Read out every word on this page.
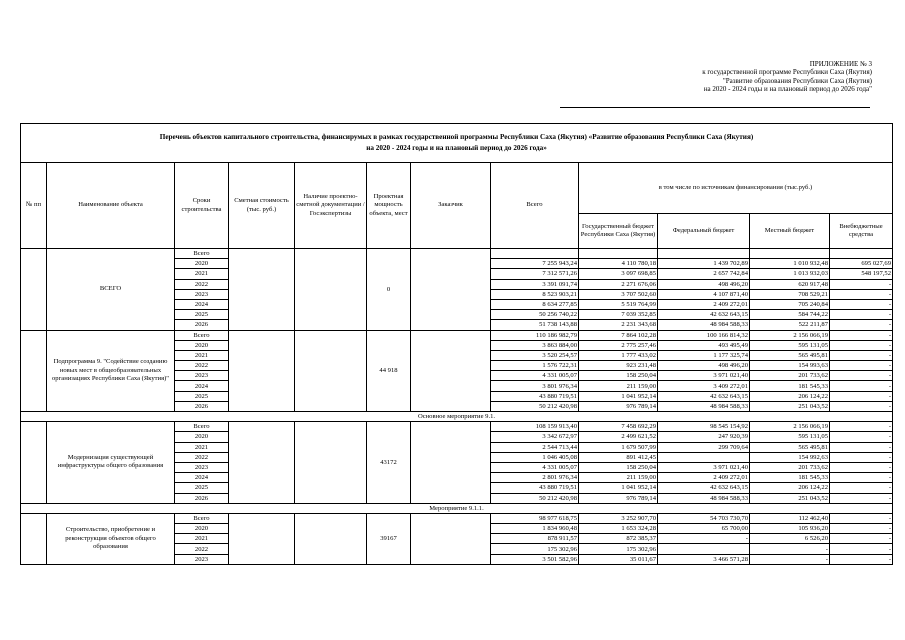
ПРИЛОЖЕНИЕ № 3
к государственной программе Республики Саха (Якутия)
"Развитие образования Республики Саха (Якутия)
на 2020 - 2024 годы и на плановый период до 2026 года"
Перечень объектов капитального строительства, финансирумых в рамках государственной программы Республики Саха (Якутия) «Развитие образования Республики Саха (Якутия)
на 2020 - 2024 годы и на плановый период до 2026 года»											

№ пп	Наименование объекта	Сроки строительства	Сметная стоимость (тыс. руб.)	Наличие проектно-сметной документации /Госэкспертизы	Проектная мощность объекта, мест	Заказчик	Всего	в том числе по источникам финансирования (тыс.руб.)			
								Государственный бюджет Республики Саха (Якутия)	Федеральный бюджет	Местный бюджет	Внебюджетные средства
	ВСЕГО	Всего			0						
		2020					7 255 943,24	4 110 780,18	1 439 702,89	1 010 932,48	695 027,69
		2021					7 312 571,26	3 097 698,85	2 657 742,84	1 013 932,03	548 197,52
		2022					3 391 091,74	2 271 676,06	498 496,20	620 917,48	-
		2023					8 523 903,21	3 707 502,60	4 107 871,40	708 529,21	-
		2024					8 634 277,85	5 519 764,99	2 409 272,01	705 240,84	-
		2025					50 256 740,22	7 039 352,85	42 632 643,15	584 744,22	-
		2026					51 738 143,88	2 231 343,68	48 984 588,33	522 211,87	-
	Подпрограмма 9. "Содействие созданию новых мест в общеобразовательных организациях Республики Саха (Якутия)"	Всего			44 918		110 186 982,79	7 864 102,28	100 166 814,32	2 156 066,19	-
		2020					3 863 884,00	2 775 257,46	493 495,49	595 131,05	-
		2021					3 520 254,57	1 777 433,02	1 177 325,74	565 495,81	-
		2022					1 576 722,31	923 231,48	498 496,20	154 993,63	-
		2023					4 331 005,07	158 250,04	3 971 021,40	201 733,62	-
		2024					3 801 976,34	211 159,00	3 409 272,01	181 545,33	-
		2025					43 880 719,51	1 041 952,14	42 632 643,15	206 124,22	-
		2026					50 212 420,98	976 789,14	48 984 588,33	251 043,52	-
Основное мероприятие 9.1.											
	Модернизация существующей инфраструктуры общего образования	Всего			43172		108 159 913,40	7 458 692,29	98 545 154,92	2 156 066,19	-
		2020					3 342 672,97	2 499 621,52	247 920,39	595 131,05	-
		2021					2 544 713,44	1 679 507,99	299 709,64	565 495,81	-
		2022					1 046 405,08	891 412,45		154 992,63	-
		2023					4 331 005,07	158 250,04	3 971 021,40	201 733,62	-
		2024					2 801 976,34	211 159,00	2 409 272,01	181 545,33	-
		2025					43 880 719,51	1 041 952,14	42 632 643,15	206 124,22	-
		2026					50 212 420,98	976 789,14	48 984 588,33	251 043,52	-
Мероприятие 9.1.1.											
	Строительство, приобретение и реконструкция объектов общего образования	Всего			39167		98 977 618,75	3 252 907,70	54 703 730,70	112 462,40	-
		2020					1 834 960,48	1 653 324,28	65 700,00	105 936,20	-
		2021					878 911,57	872 385,37	-	6 526,20	-
		2022					175 302,96	175 302,96		-	-
		2023					3 501 582,96	35 011,67	3 466 571,28	-	-
